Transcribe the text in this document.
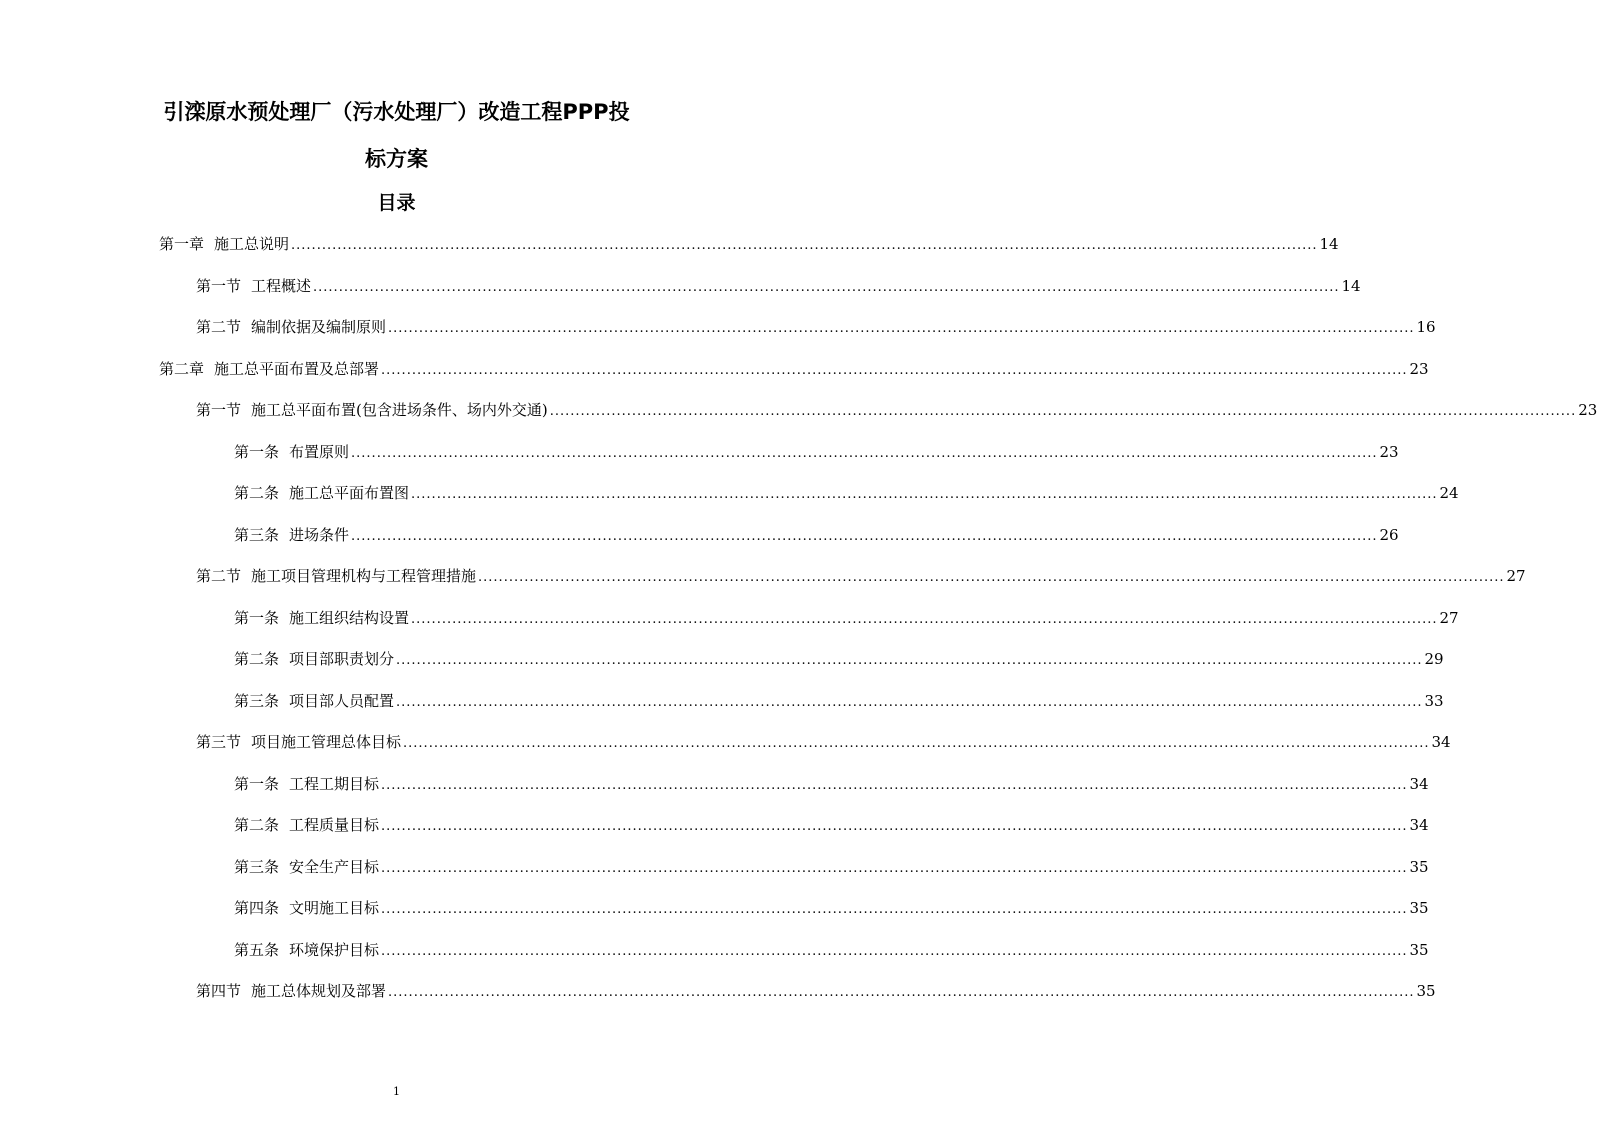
引滦原水预处理厂（污水处理厂）改造工程PPP投
标方案
目录
第一章 施工总说明 ........................................................................................................................................................................................................ 14
第一节 工程概述 ........................................................................................................................................................................................................ 14
第二节 编制依据及编制原则 ........................................................................................................................................................................................................ 16
第二章 施工总平面布置及总部署 ........................................................................................................................................................................................................ 23
第一节 施工总平面布置(包含进场条件、场内外交通) ........................................................................................................................................................................................................ 23
第一条 布置原则 ........................................................................................................................................................................................................ 23
第二条 施工总平面布置图 ........................................................................................................................................................................................................ 24
第三条 进场条件 ........................................................................................................................................................................................................ 26
第二节 施工项目管理机构与工程管理措施 ........................................................................................................................................................................................................ 27
第一条 施工组织结构设置 ........................................................................................................................................................................................................ 27
第二条 项目部职责划分 ........................................................................................................................................................................................................ 29
第三条 项目部人员配置 ........................................................................................................................................................................................................ 33
第三节 项目施工管理总体目标 ........................................................................................................................................................................................................ 34
第一条 工程工期目标 ........................................................................................................................................................................................................ 34
第二条 工程质量目标 ........................................................................................................................................................................................................ 34
第三条 安全生产目标 ........................................................................................................................................................................................................ 35
第四条 文明施工目标 ........................................................................................................................................................................................................ 35
第五条 环境保护目标 ........................................................................................................................................................................................................ 35
第四节 施工总体规划及部署 ........................................................................................................................................................................................................ 35
1
